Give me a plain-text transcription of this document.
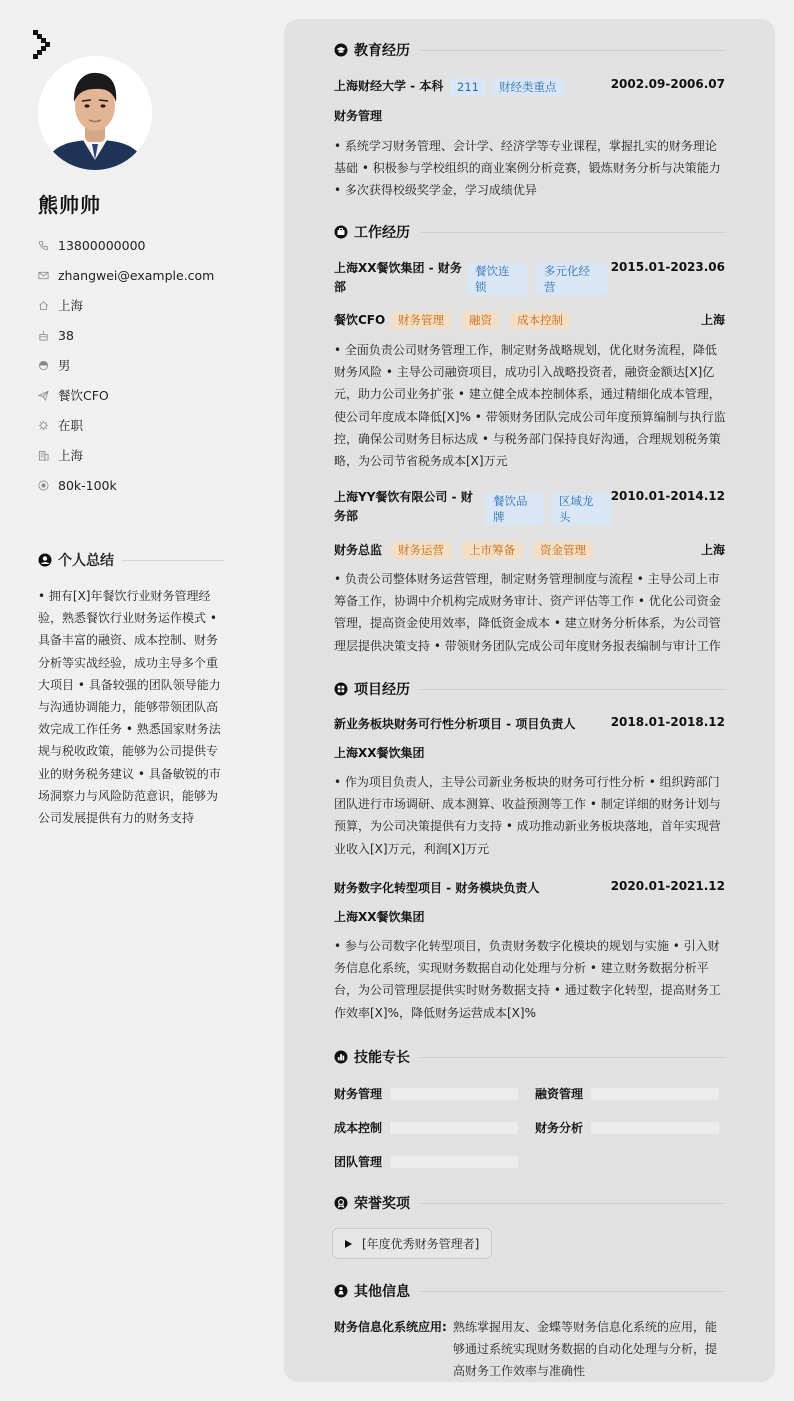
熊帅帅
13800000000
zhangwei@example.com
上海
38
男
餐饮CFO
在职
上海
80k-100k
个人总结

• 拥有[X]年餐饮行业财务管理经验，熟悉餐饮行业财务运作模式 • 具备丰富的融资、成本控制、财务分析等实战经验，成功主导多个重大项目 • 具备较强的团队领导能力与沟通协调能力，能够带领团队高效完成工作任务 • 熟悉国家财务法规与税收政策，能够为公司提供专业的财务税务建议 • 具备敏锐的市场洞察力与风险防范意识，能够为公司发展提供有力的财务支持

教育经历
上海财经大学 - 本科	211	财经类重点	2002.09-2006.07
财务管理

• 系统学习财务管理、会计学、经济学等专业课程，掌握扎实的财务理论基础 • 积极参与学校组织的商业案例分析竞赛，锻炼财务分析与决策能力

• 多次获得校级奖学金，学习成绩优异

工作经历
上海XX餐饮集团 - 财务部
餐饮连锁
多元化经营
2015.01-2023.06
餐饮CFO	财务管理	融资	成本控制	上海

• 全面负责公司财务管理工作，制定财务战略规划，优化财务流程，降低财务风险 • 主导公司融资项目，成功引入战略投资者，融资金额达[X]亿元，助力公司业务扩张 • 建立健全成本控制体系，通过精细化成本管理，使公司年度成本降低[X]% • 带领财务团队完成公司年度预算编制与执行监控，确保公司财务目标达成 • 与税务部门保持良好沟通，合理规划税务策略，为公司节省税务成本[X]万元

上海YY餐饮有限公司 - 财务部
餐饮品牌
区域龙头
2010.01-2014.12
财务总监	财务运营	上市筹备	资金管理	上海

• 负责公司整体财务运营管理，制定财务管理制度与流程 • 主导公司上市筹备工作，协调中介机构完成财务审计、资产评估等工作 • 优化公司资金管理，提高资金使用效率，降低资金成本 • 建立财务分析体系，为公司管理层提供决策支持 • 带领财务团队完成公司年度财务报表编制与审计工作

项目经历
新业务板块财务可行性分析项目 - 项目负责人	2018.01-2018.12
上海XX餐饮集团

• 作为项目负责人，主导公司新业务板块的财务可行性分析 • 组织跨部门团队进行市场调研、成本测算、收益预测等工作 • 制定详细的财务计划与预算，为公司决策提供有力支持 • 成功推动新业务板块落地，首年实现营业收入[X]万元，利润[X]万元

财务数字化转型项目 - 财务模块负责人	2020.01-2021.12
上海XX餐饮集团

• 参与公司数字化转型项目，负责财务数字化模块的规划与实施 • 引入财务信息化系统，实现财务数据自动化处理与分析 • 建立财务数据分析平台，为公司管理层提供实时财务数据支持 • 通过数字化转型，提高财务工作效率[X]%，降低财务运营成本[X]%

技能专长
财务管理	融资管理
成本控制	财务分析
团队管理
荣誉奖项
[年度优秀财务管理者]
其他信息
财务信息化系统应用: 熟练掌握用友、金蝶等财务信息化系统的应用，能够通过系统实现财务数据的自动化处理与分析，提高财务工作效率与准确性
